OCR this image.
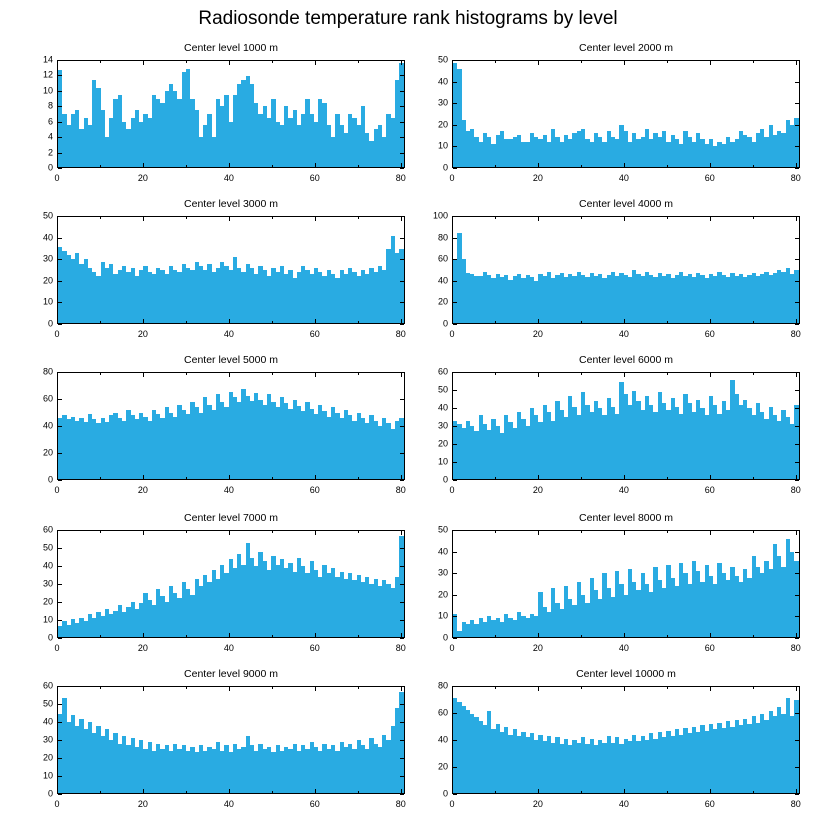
Radiosonde temperature rank histograms by level
Center level 1000 m
0
2
4
6
8
10
12
14
0	20	40	60	80
Center level 2000 m
0
10
20
30
40
50
0	20	40	60	80
Center level 3000 m
0
10
20
30
40
50
0	20	40	60	80
Center level 4000 m
0
20
40
60
80
100
0	20	40	60	80
Center level 5000 m
0
20
40
60
80
0	20	40	60	80
Center level 6000 m
0
10
20
30
40
50
60
0	20	40	60	80
Center level 7000 m
0
10
20
30
40
50
60
0	20	40	60	80
Center level 8000 m
0
10
20
30
40
50
0	20	40	60	80
Center level 9000 m
0
10
20
30
40
50
60
0	20	40	60	80
Center level 10000 m
0
20
40
60
80
0	20	40	60	80
